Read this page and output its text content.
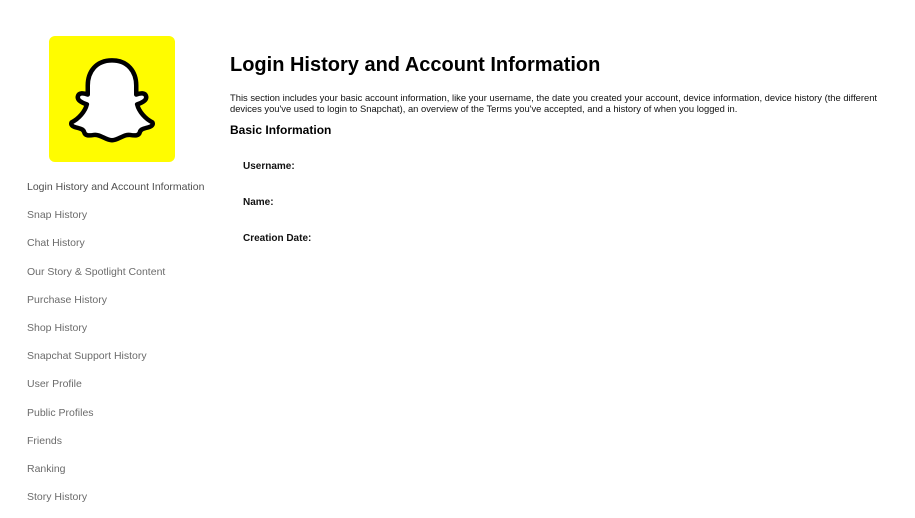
Login History and Account Information
Snap History
Chat History
Our Story & Spotlight Content
Purchase History
Shop History
Snapchat Support History
User Profile
Public Profiles
Friends
Ranking
Story History
Login History and Account Information

This section includes your basic account information, like your username, the date you created your account, device information, device history (the different devices you've used to login to Snapchat), an overview of the Terms you've accepted, and a history of when you logged in.

Basic Information
Username:
Name:
Creation Date:
